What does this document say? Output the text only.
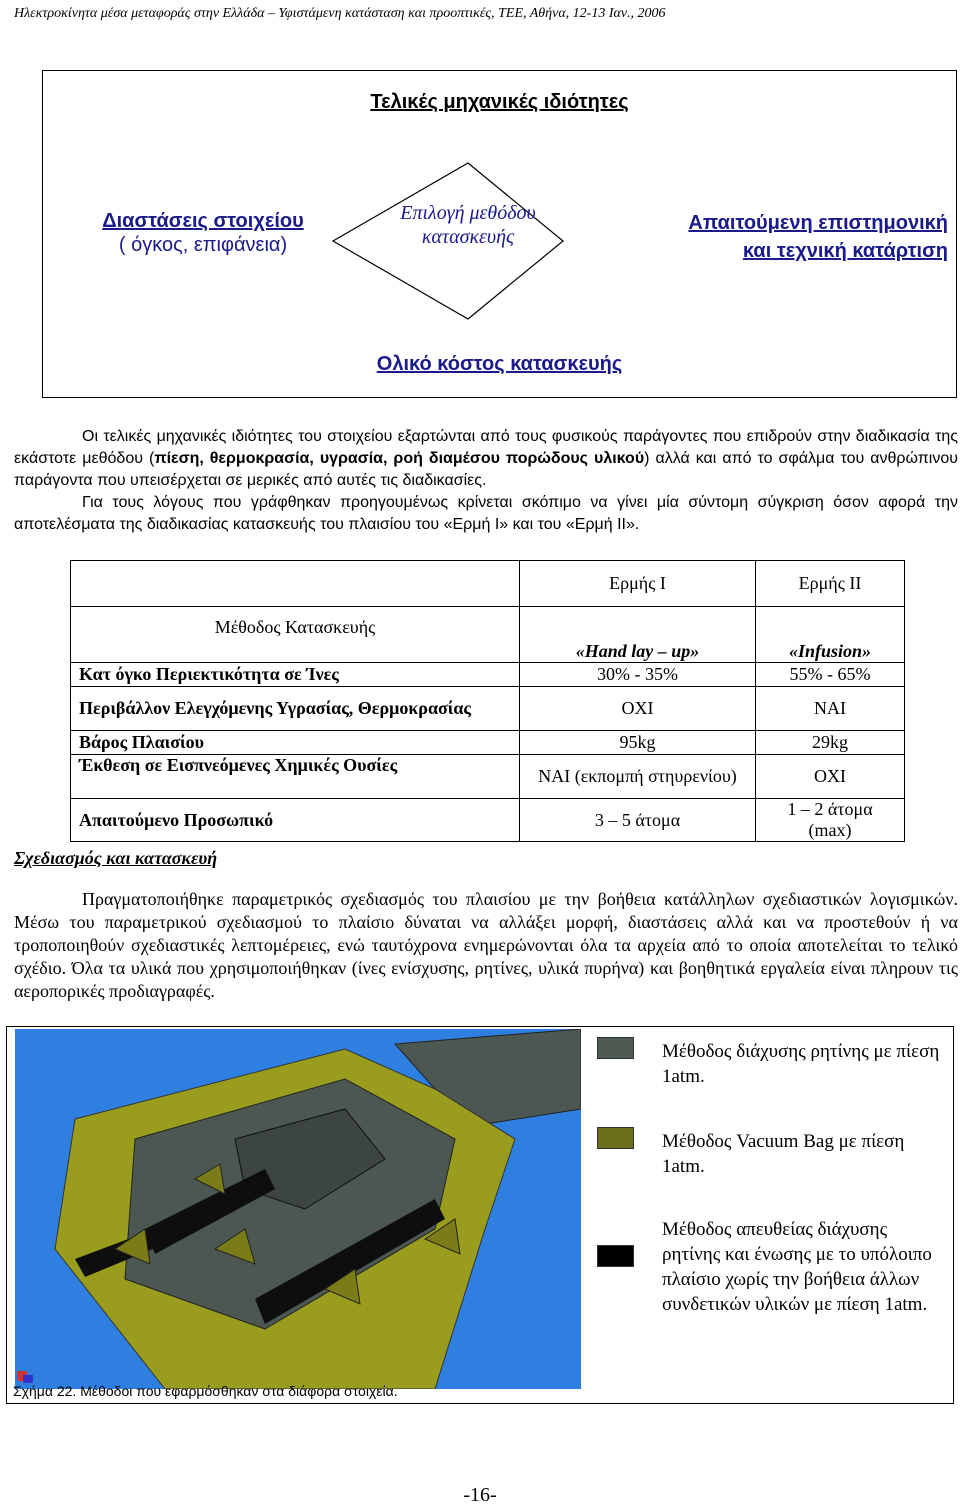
Ηλεκτροκίνητα μέσα μεταφοράς στην Ελλάδα – Υφιστάμενη κατάσταση και προοπτικές, ΤΕΕ, Αθήνα, 12-13 Ιαν., 2006
Τελικές μηχανικές ιδιότητες
Διαστάσεις στοιχείου
( όγκος, επιφάνεια)
Επιλογή μεθόδου
κατασκευής
Απαιτούμενη επιστημονική
και τεχνική κατάρτιση
Ολικό κόστος κατασκευής

Οι τελικές μηχανικές ιδιότητες του στοιχείου εξαρτώνται από τους φυσικούς παράγοντες που επιδρούν στην διαδικασία της εκάστοτε μεθόδου (πίεση, θερμοκρασία, υγρασία, ροή διαμέσου πορώδους υλικού) αλλά και από το σφάλμα του ανθρώπινου παράγοντα που υπεισέρχεται σε μερικές από αυτές τις διαδικασίες.

Για τους λόγους που γράφθηκαν προηγουμένως κρίνεται σκόπιμο να γίνει μία σύντομη σύγκριση όσον αφορά την αποτελέσματα της διαδικασίας κατασκευής του πλαισίου του «Ερμή Ι» και του «Ερμή ΙΙ».

	Ερμής Ι	Ερμής ΙΙ
Μέθοδος Κατασκευής	«Hand lay – up»	«Infusion»
Κατ όγκο Περιεκτικότητα σε Ίνες	30% - 35%	55% - 65%
Περιβάλλον Ελεγχόμενης Υγρασίας, Θερμοκρασίας	ΟΧΙ	ΝΑΙ
Βάρος Πλαισίου	95kg	29kg
Έκθεση σε Εισπνεόμενες Χημικές Ουσίες	ΝΑΙ (εκπομπή στηυρενίου)	ΟΧΙ
Απαιτούμενο Προσωπικό	3 – 5 άτομα	1 – 2 άτομα (max)
Σχεδιασμός και κατασκευή

Πραγματοποιήθηκε παραμετρικός σχεδιασμός του πλαισίου με την βοήθεια κατάλληλων σχεδιαστικών λογισμικών. Μέσω του παραμετρικού σχεδιασμού το πλαίσιο δύναται να αλλάξει μορφή, διαστάσεις αλλά και να προστεθούν ή να τροποποιηθούν σχεδιαστικές λεπτομέρειες, ενώ ταυτόχρονα ενημερώνονται όλα τα αρχεία από το οποία αποτελείται το τελικό σχέδιο. Όλα τα υλικά που χρησιμοποιήθηκαν (ίνες ενίσχυσης, ρητίνες, υλικά πυρήνα) και βοηθητικά εργαλεία είναι πληρουν τις αεροπορικές προδιαγραφές.

Σχήμα 22. Μέθοδοι που εφαρμόσθηκαν στα διάφορα στοιχεία.
Μέθοδος διάχυσης ρητίνης με πίεση 1atm.
Μέθοδος Vacuum Bag με πίεση 1atm.
Μέθοδος απευθείας διάχυσης ρητίνης και ένωσης με το υπόλοιπο πλαίσιο χωρίς την βοήθεια άλλων συνδετικών υλικών με πίεση 1atm.
-16-
